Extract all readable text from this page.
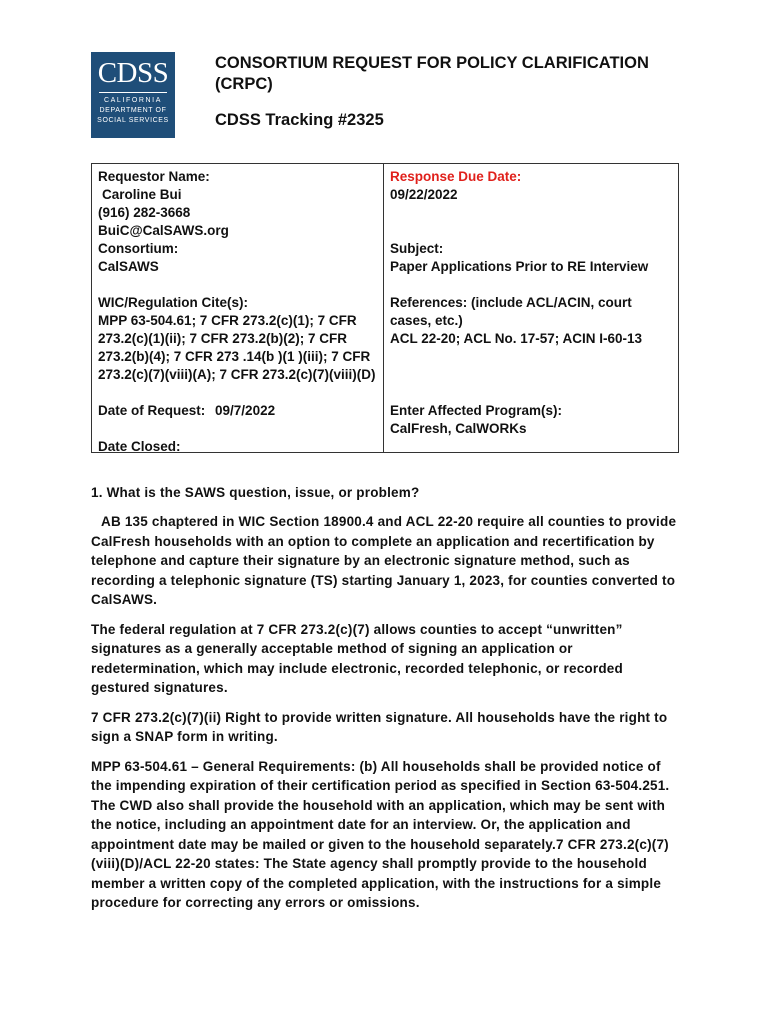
CDSS
CALIFORNIA
DEPARTMENT OF
SOCIAL SERVICES
CONSORTIUM REQUEST FOR POLICY CLARIFICATION (CRPC)
CDSS Tracking #2325
Requestor Name:
Caroline Bui
(916) 282-3668
BuiC@CalSAWS.org
Consortium:
CalSAWS
WIC/Regulation Cite(s):
MPP 63-504.61; 7 CFR 273.2(c)(1); 7 CFR 273.2(c)(1)(ii); 7 CFR 273.2(b)(2); 7 CFR 273.2(b)(4); 7 CFR 273 .14(b )(1 )(iii); 7 CFR 273.2(c)(7)(viii)(A); 7 CFR 273.2(c)(7)(viii)(D)
Date of Request: 09/7/2022
Date Closed:
Response Due Date:
09/22/2022
Subject:
Paper Applications Prior to RE Interview
References: (include ACL/ACIN, court cases, etc.)
ACL 22-20; ACL No. 17-57; ACIN I-60-13
Enter Affected Program(s):
CalFresh, CalWORKs
1. What is the SAWS question, issue, or problem?

AB 135 chaptered in WIC Section 18900.4 and ACL 22-20 require all counties to provide CalFresh households with an option to complete an application and recertification by telephone and capture their signature by an electronic signature method, such as recording a telephonic signature (TS) starting January 1, 2023, for counties converted to CalSAWS.

The federal regulation at 7 CFR 273.2(c)(7) allows counties to accept “unwritten” signatures as a generally acceptable method of signing an application or redetermination, which may include electronic, recorded telephonic, or recorded gestured signatures.

7 CFR 273.2(c)(7)(ii) Right to provide written signature. All households have the right to sign a SNAP form in writing.

MPP 63-504.61 – General Requirements: (b) All households shall be provided notice of the impending expiration of their certification period as specified in Section 63-504.251. The CWD also shall provide the household with an application, which may be sent with the notice, including an appointment date for an interview. Or, the application and appointment date may be mailed or given to the household separately.7 CFR 273.2(c)(7)(viii)(D)/ACL 22-20 states: The State agency shall promptly provide to the household member a written copy of the completed application, with the instructions for a simple procedure for correcting any errors or omissions.
